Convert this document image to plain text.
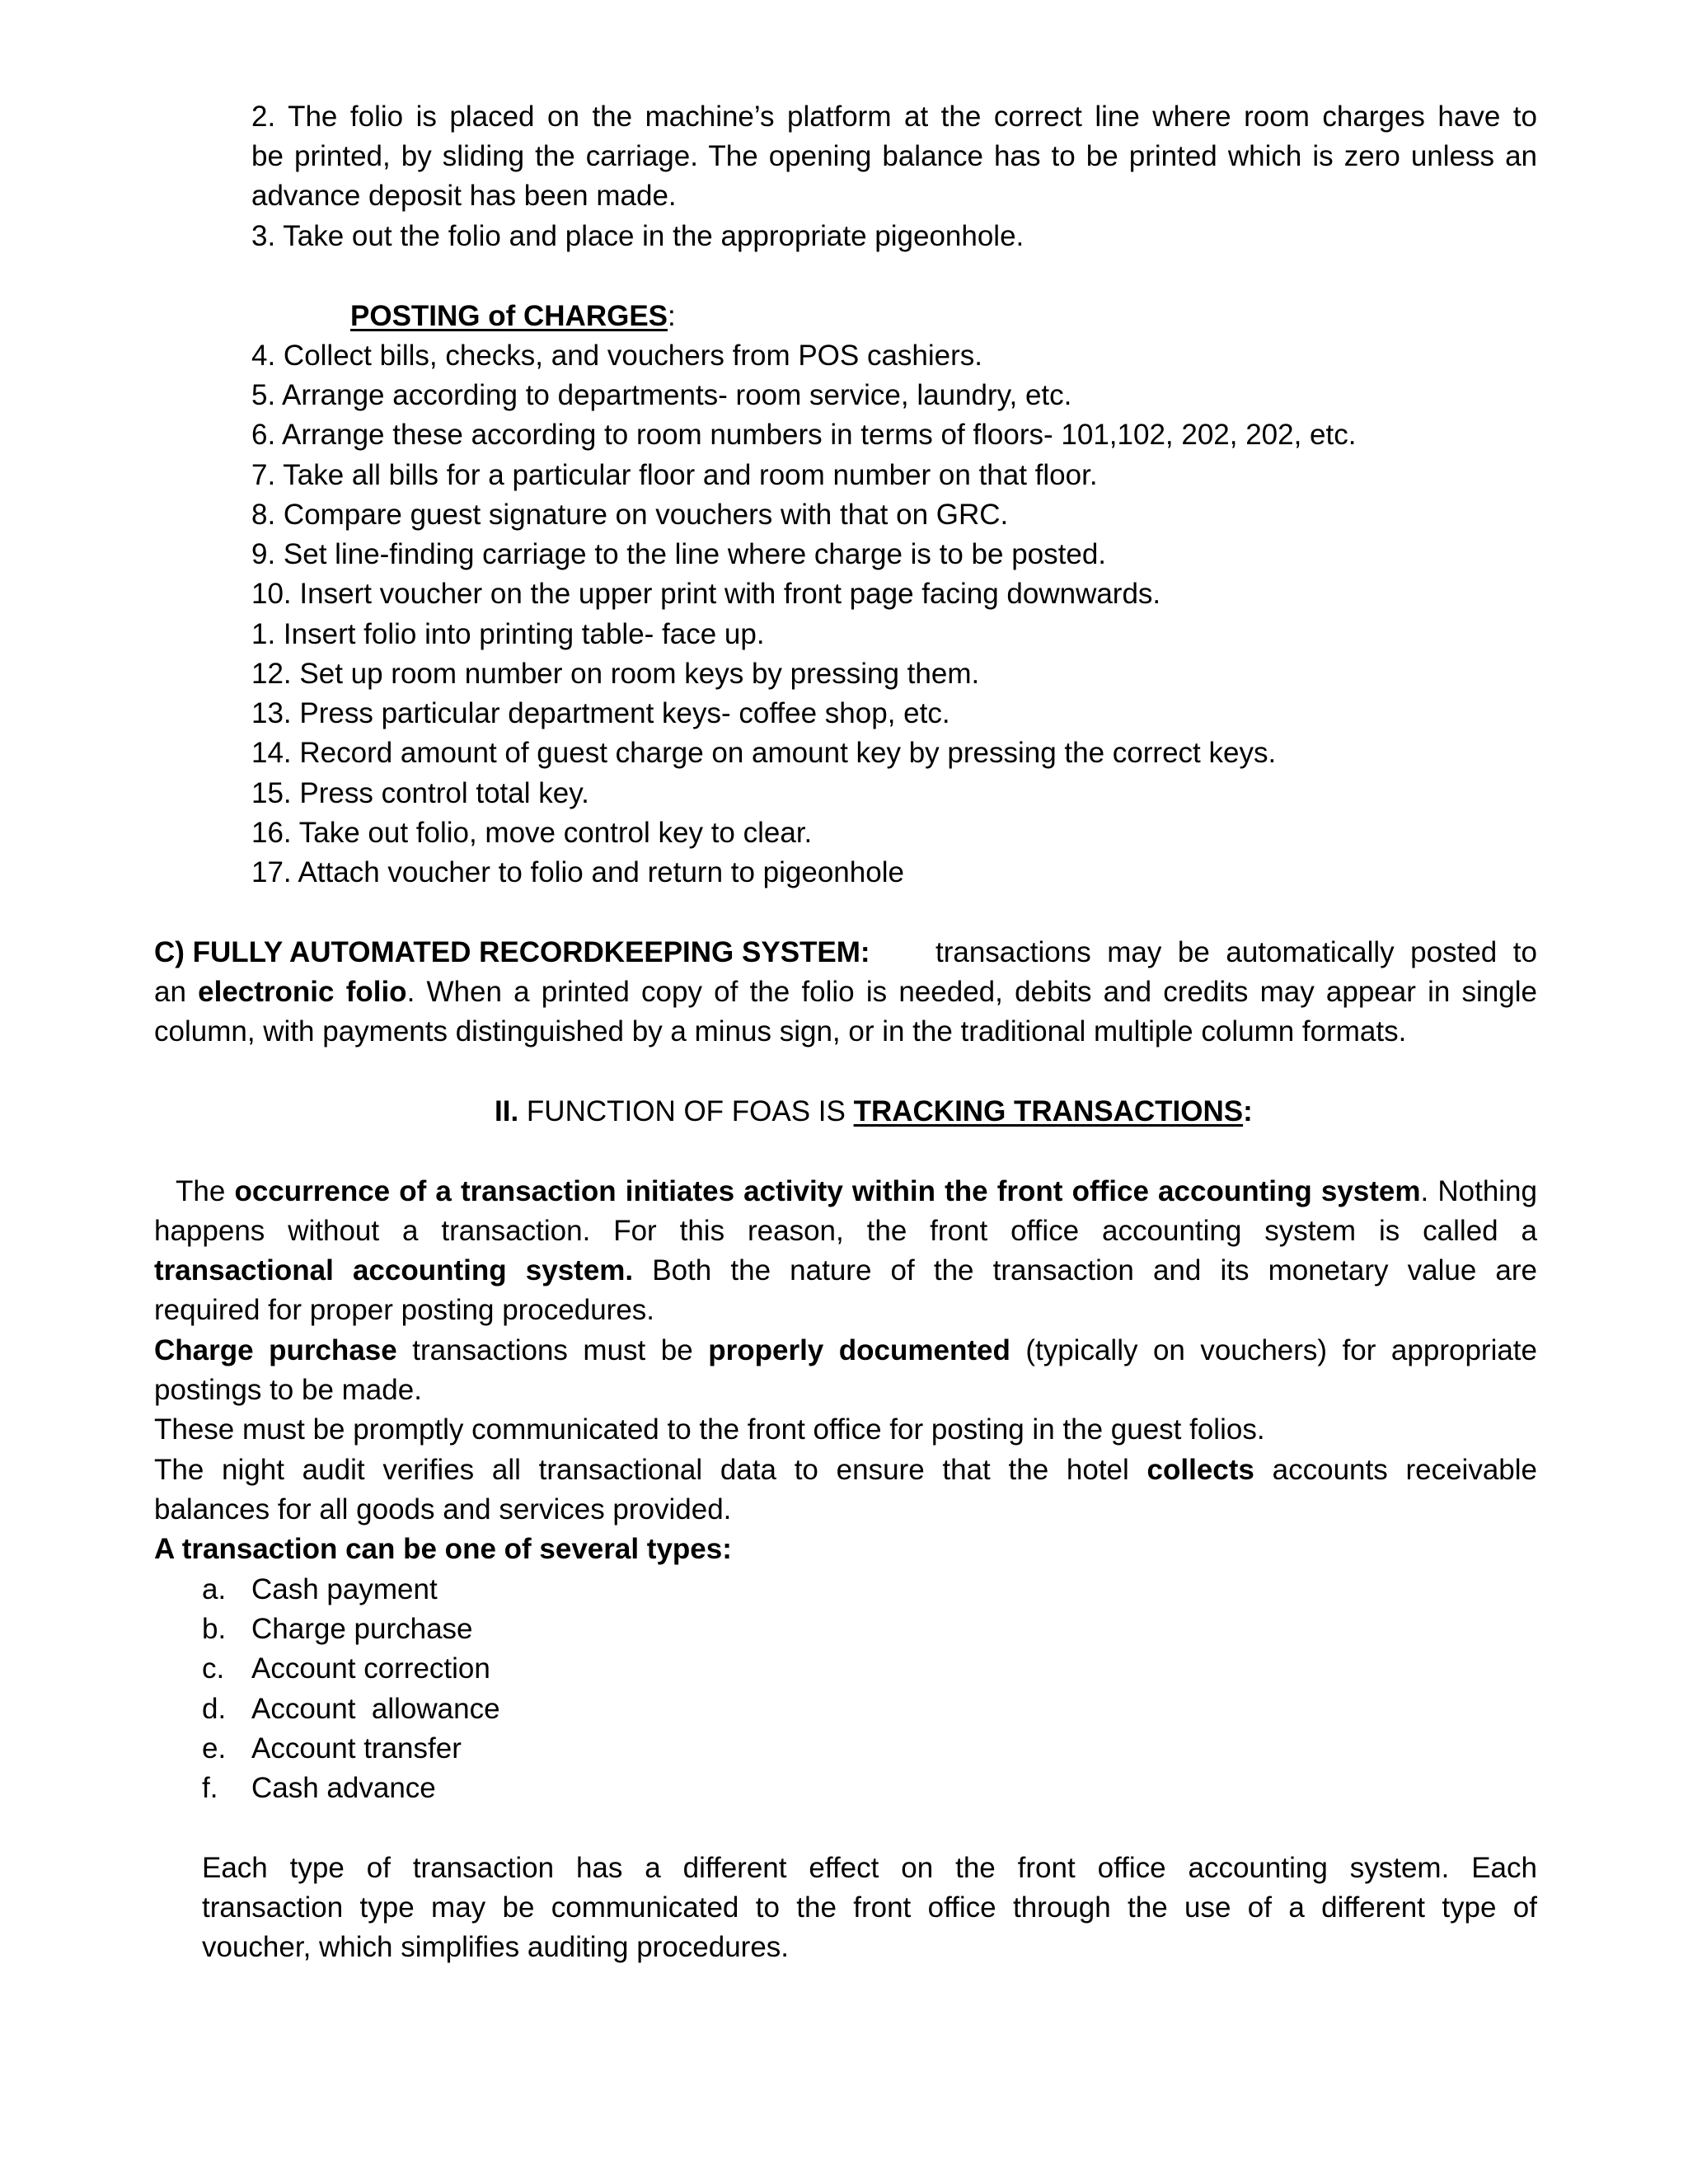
2. The folio is placed on the machine’s platform at the correct line where room charges have to
be printed, by sliding the carriage. The opening balance has to be printed which is zero unless an
advance deposit has been made.
3. Take out the folio and place in the appropriate pigeonhole.
POSTING of CHARGES:
4. Collect bills, checks, and vouchers from POS cashiers.
5. Arrange according to departments- room service, laundry, etc.
6. Arrange these according to room numbers in terms of floors- 101,102, 202, 202, etc.
7. Take all bills for a particular floor and room number on that floor.
8. Compare guest signature on vouchers with that on GRC.
9. Set line-finding carriage to the line where charge is to be posted.
10. Insert voucher on the upper print with front page facing downwards.
1. Insert folio into printing table- face up.
12. Set up room number on room keys by pressing them.
13. Press particular department keys- coffee shop, etc.
14. Record amount of guest charge on amount key by pressing the correct keys.
15. Press control total key.
16. Take out folio, move control key to clear.
17. Attach voucher to folio and return to pigeonhole
C) FULLY AUTOMATED RECORDKEEPING SYSTEM: transactions may be automatically posted to
an electronic folio. When a printed copy of the folio is needed, debits and credits may appear in single
column, with payments distinguished by a minus sign, or in the traditional multiple column formats.
II. FUNCTION OF FOAS IS TRACKING TRANSACTIONS:
The occurrence of a transaction initiates activity within the front office accounting system. Nothing
happens without a transaction. For this reason, the front office accounting system is called a
transactional accounting system. Both the nature of the transaction and its monetary value are
required for proper posting procedures.
Charge purchase transactions must be properly documented (typically on vouchers) for appropriate
postings to be made.
These must be promptly communicated to the front office for posting in the guest folios.
The night audit verifies all transactional data to ensure that the hotel collects accounts receivable
balances for all goods and services provided.
A transaction can be one of several types:
a. Cash payment
b. Charge purchase
c. Account correction
d. Account  allowance
e. Account transfer
f. Cash advance
Each type of transaction has a different effect on the front office accounting system. Each
transaction type may be communicated to the front office through the use of a different type of
voucher, which simplifies auditing procedures.
